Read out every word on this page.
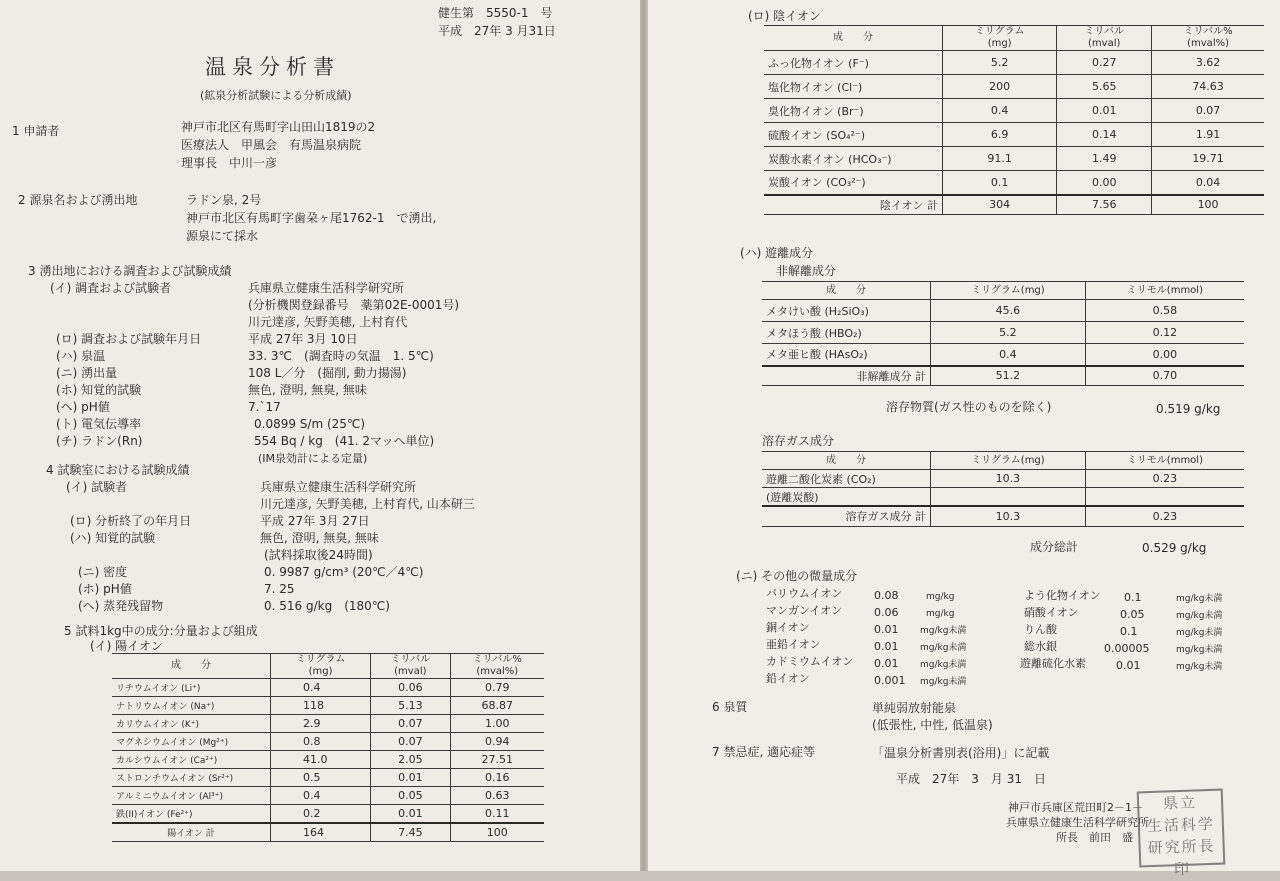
健生第　5550-1　号
平成　27年 3 月31日
温泉分析書
(鉱泉分析試験による分析成績)
1 申請者	神戸市北区有馬町字山田山1819の2
医療法人　甲風会　有馬温泉病院
理事長　中川一彦
2 源泉名および湧出地	ラドン泉, 2号
神戸市北区有馬町字歯朶ヶ尾1762-1　で湧出,
源泉にて採水
3 湧出地における調査および試験成績
(イ) 調査および試験者	兵庫県立健康生活科学研究所
(分析機関登録番号　薬第02E-0001号)
川元達彦, 矢野美穂, 上村育代
(ロ) 調査および試験年月日	平成 27年 3月 10日
(ハ) 泉温	33. 3℃　(調査時の気温　1. 5℃)
(ニ) 湧出量	108 L／分　(掘削, 動力揚湯)
(ホ) 知覚的試験	無色, 澄明, 無臭, 無味
(ヘ) pH値	7.`17
(ト) 電気伝導率	0.0899 S/m (25℃)
(チ) ラドン(Rn)	554 Bq / kg　(41. 2マッヘ単位)
(IM泉効計による定量)
4 試験室における試験成績
(イ) 試験者	兵庫県立健康生活科学研究所
川元達彦, 矢野美穂, 上村育代, 山本研三
(ロ) 分析終了の年月日	平成 27年 3月 27日
(ハ) 知覚的試験	無色, 澄明, 無臭, 無味
(試料採取後24時間)
(ニ) 密度	0. 9987 g/cm³ (20℃／4℃)
(ホ) pH値	7. 25
(ヘ) 蒸発残留物	0. 516 g/kg　(180℃)
5 試料1kg中の成分:分量および組成
(イ) 陽イオン
成　　分	ミリグラム
(mg)	ミリバル
(mval)	ミリバル%
(mval%)
リチウムイオン (Li⁺)	0.4	0.06	0.79
ナトリウムイオン (Na⁺)	118	5.13	68.87
カリウムイオン (K⁺)	2.9	0.07	1.00
マグネシウムイオン (Mg²⁺)	0.8	0.07	0.94
カルシウムイオン (Ca²⁺)	41.0	2.05	27.51
ストロンチウムイオン (Sr²⁺)	0.5	0.01	0.16
アルミニウムイオン (Al³⁺)	0.4	0.05	0.63
鉄(II)イオン (Fe²⁺)	0.2	0.01	0.11
陽イオン 計	164	7.45	100
(ロ) 陰イオン
成　　分	ミリグラム
(mg)	ミリバル
(mval)	ミリバル%
(mval%)
ふっ化物イオン (F⁻)	5.2	0.27	3.62
塩化物イオン (Cl⁻)	200	5.65	74.63
臭化物イオン (Br⁻)	0.4	0.01	0.07
硫酸イオン (SO₄²⁻)	6.9	0.14	1.91
炭酸水素イオン (HCO₃⁻)	91.1	1.49	19.71
炭酸イオン (CO₃²⁻)	0.1	0.00	0.04
陰イオン 計	304	7.56	100
(ハ) 遊離成分
非解離成分
成　　分	ミリグラム(mg)	ミリモル(mmol)
メタけい酸 (H₂SiO₃)	45.6	0.58
メタほう酸 (HBO₂)	5.2	0.12
メタ亜ヒ酸 (HAsO₂)	0.4	0.00
非解離成分 計	51.2	0.70
溶存物質(ガス性のものを除く)	0.519 g/kg
溶存ガス成分
成　　分	ミリグラム(mg)	ミリモル(mmol)
遊離二酸化炭素 (CO₂)	10.3	0.23
(遊離炭酸)		
溶存ガス成分 計	10.3	0.23
成分総計	0.529 g/kg
(ニ) その他の微量成分
バリウムイオン	0.08	mg/kg
マンガンイオン	0.06	mg/kg
銅イオン	0.01 mg/kg未満
亜鉛イオン	0.01 mg/kg未満
カドミウムイオン 0.01 mg/kg未満
鉛イオン	0.001 mg/kg未満
よう化物イオン 0.1	mg/kg未満
硝酸イオン	0.05	mg/kg未満
りん酸	0.1	mg/kg未満
総水銀	0.00005	mg/kg未満
遊離硫化水素	0.01	mg/kg未満
6 泉質	単純弱放射能泉
(低張性, 中性, 低温泉)
7 禁忌症, 適応症等	「温泉分析書別表(浴用)」に記載
平成　27年　3　月 31　日
神戸市兵庫区荒田町2－1－
兵庫県立健康生活科学研究所
所長　前田　盛
県立
生活科学
研究所長印
